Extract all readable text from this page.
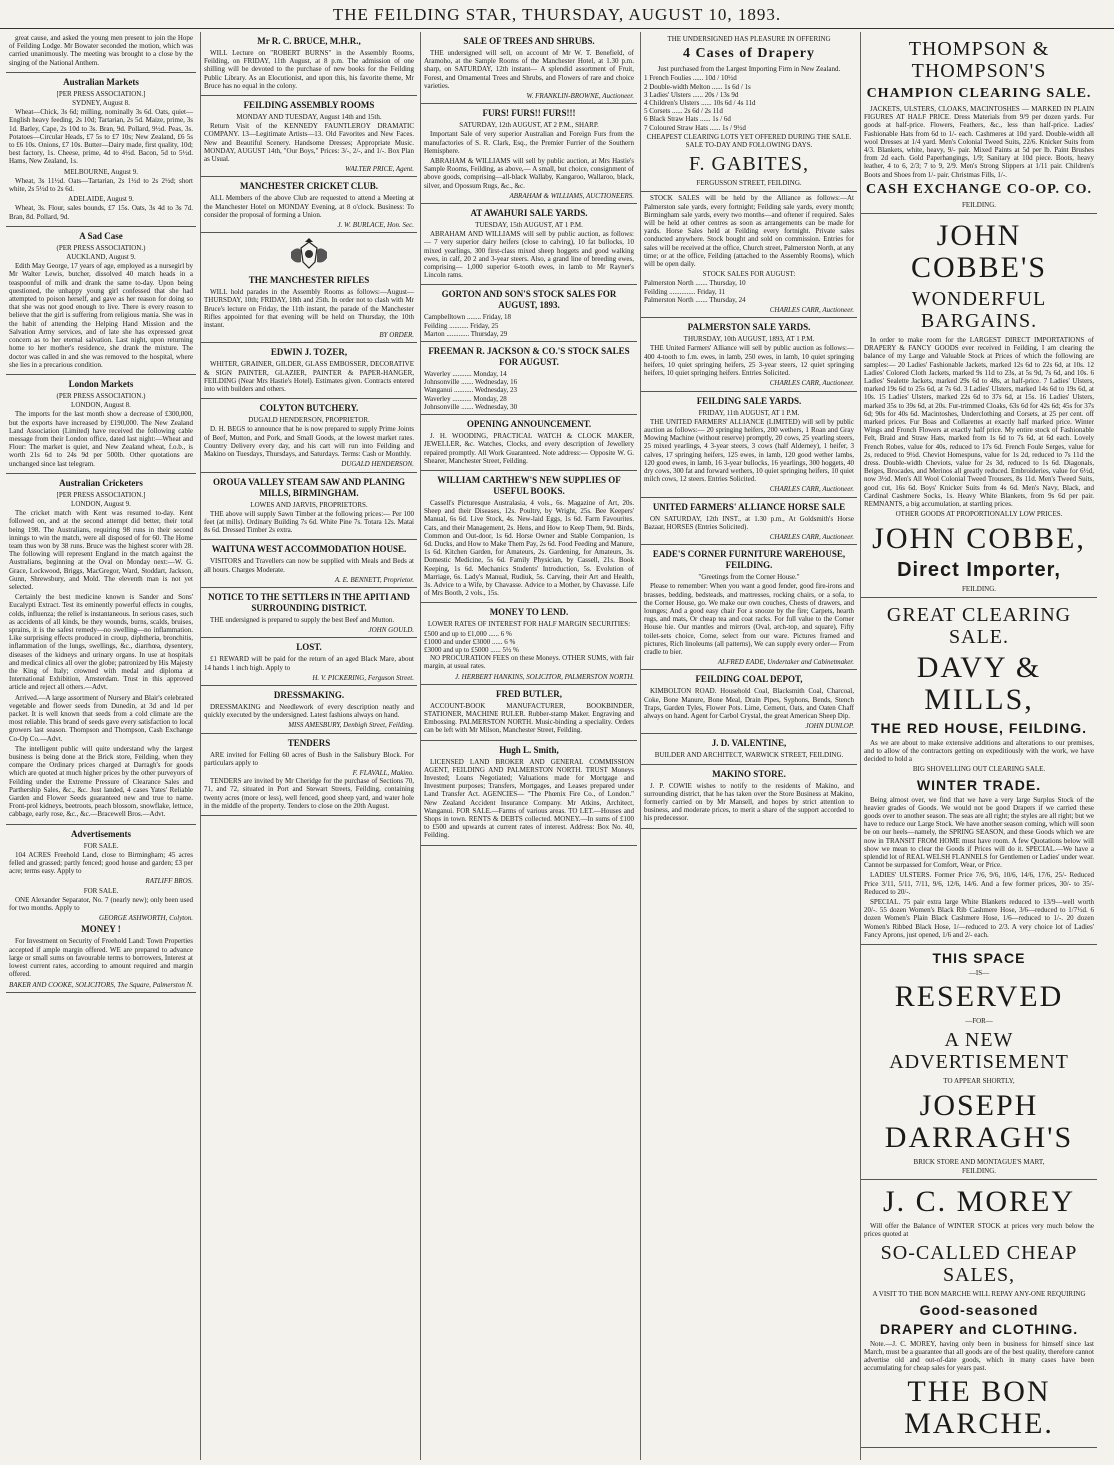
THE FEILDING STAR, THURSDAY, AUGUST 10, 1893.

great cause, and asked the young men present to join the Hope of Feilding Lodge. Mr Bowater seconded the motion, which was carried unanimously. The meeting was brought to a close by the singing of the National Anthem.

Australian Markets
[PER PRESS ASSOCIATION.]
SYDNEY, August 8.

Wheat—Chick, 3s 6d; milling, nominally 3s 6d. Oats, quiet—English heavy feeding, 2s 10d; Tartarian, 2s 5d. Maize, prime, 3s 1d. Barley, Cape, 2s 10d to 3s. Bran, 9d. Pollard, 9½d. Peas, 3s. Potatoes—Circular Heads, £7 5s to £7 10s; New Zealand, £6 5s to £6 10s. Onions, £7 10s. Butter—Dairy made, first quality, 10d; best factory, 1s. Cheese, prime, 4d to 4½d. Bacon, 5d to 5½d. Hams, New Zealand, 1s.

MELBOURNE, August 9.

Wheat, 3s 11½d. Oats—Tartarian, 2s 1½d to 2s 2½d; short white, 2s 5½d to 2s 6d.

ADELAIDE, August 9.

Wheat, 3s. Flour, sales bounds, £7 15s. Oats, 3s 4d to 3s 7d. Bran, 8d. Pollard, 9d.

A Sad Case
(PER PRESS ASSOCIATION.)
AUCKLAND, August 9.

Edith May George, 17 years of age, employed as a nursegirl by Mr Walter Lewis, butcher, dissolved 40 match heads in a teaspoonful of milk and drank the same to-day. Upon being questioned, the unhappy young girl confessed that she had attempted to poison herself, and gave as her reason for doing so that she was not good enough to live. There is every reason to believe that the girl is suffering from religious mania. She was in the habit of attending the Helping Hand Mission and the Salvation Army services, and of late she has expressed great concern as to her eternal salvation. Last night, upon returning home to her mother's residence, she drank the mixture. The doctor was called in and she was removed to the hospital, where she lies in a precarious condition.

London Markets
(PER PRESS ASSOCIATION.)
LONDON, August 8.

The imports for the last month show a decrease of £300,000, but the exports have increased by £190,000. The New Zealand Land Association (Limited) have received the following cable message from their London office, dated last night:—Wheat and Flour: The market is quiet, and New Zealand wheat, f.o.b., is worth 21s 6d to 24s 9d per 500lb. Other quotations are unchanged since last telegram.

Australian Cricketers
[PER PRESS ASSOCIATION.]
LONDON, August 9.

The cricket match with Kent was resumed to-day. Kent followed on, and at the second attempt did better, their total being 198. The Australians, requiring 98 runs in their second innings to win the match, were all disposed of for 60. The Home team thus won by 38 runs. Bruce was the highest scorer with 28. The following will represent England in the match against the Australians, beginning at the Oval on Monday next:—W. G. Grace, Lockwood, Briggs, MacGregor, Ward, Stoddart, Jackson, Gunn, Shrewsbury, and Mold. The eleventh man is not yet selected.

Certainly the best medicine known is Sander and Sons' Eucalypti Extract. Test its eminently powerful effects in coughs, colds, influenza; the relief is instantaneous. In serious cases, such as accidents of all kinds, be they wounds, burns, scalds, bruises, sprains, it is the safest remedy—no swelling—no inflammation. Like surprising effects produced in croup, diphtheria, bronchitis, inflammation of the lungs, swellings, &c., diarrhœa, dysentery, diseases of the kidneys and urinary organs. In use at hospitals and medical clinics all over the globe; patronized by His Majesty the King of Italy; crowned with medal and diploma at International Exhibition, Amsterdam. Trust in this approved article and reject all others.—Advt.

Arrived.—A large assortment of Nursery and Blair's celebrated vegetable and flower seeds from Dunedin, at 3d and 1d per packet. It is well known that seeds from a cold climate are the most reliable. This brand of seeds gave every satisfaction to local growers last season. Thompson and Thompson, Cash Exchange Co-Op Co.—Advt.

The intelligent public will quite understand why the largest business is being done at the Brick store, Feilding, when they compare the Ordinary prices charged at Darragh's for goods which are quoted at much higher prices by the other purveyors of Feilding under the Extreme Pressure of Clearance Sales and Parthership Sales, &c., &c. Just landed, 4 cases Yates' Reliable Garden and Flower Seeds guaranteed new and true to name. Front-prol kidneys, beetroots, peach blossom, snowflake, lettuce, cabbage, early rose, &c., &c.—Bracewell Bros.—Advt.

Advertisements
FOR SALE.

104 ACRES Freehold Land, close to Birmingham; 45 acres felled and grassed; partly fenced; good house and garden; £3 per acre; terms easy. Apply to

RATLIFF BROS.
FOR SALE.

ONE Alexander Separator, No. 7 (nearly new); only been used for two months. Apply to

GEORGE ASHWORTH, Colyton.
MONEY !

For Investment on Security of Freehold Land: Town Properties accepted if ample margin offered. WE are prepared to advance large or small sums on favourable terms to borrowers, Interest at lowest current rates, according to amount required and margin offered.

BAKER AND COOKE, SOLICITORS, The Square, Palmerston N.
Mr R. C. BRUCE, M.H.R.,

WILL Lecture on "ROBERT BURNS" in the Assembly Rooms, Feilding, on FRIDAY, 11th August, at 8 p.m. The admission of one shilling will be devoted to the purchase of new books for the Feilding Public Library. As an Elocutionist, and upon this, his favorite theme, Mr Bruce has no equal in the colony.

FEILDING ASSEMBLY ROOMS
MONDAY AND TUESDAY, August 14th and 15th.

Return Visit of the KENNEDY FAUNTLEROY DRAMATIC COMPANY. 13—Legitimate Artists—13. Old Favorites and New Faces. New and Beautiful Scenery. Handsome Dresses; Appropriate Music. MONDAY, AUGUST 14th, "Our Boys," Prices: 3/-, 2/-, and 1/-. Box Plan as Usual.

WALTER PRICE, Agent.
MANCHESTER CRICKET CLUB.

ALL Members of the above Club are requested to attend a Meeting at the Manchester Hotel on MONDAY Evening, at 8 o'clock. Business: To consider the proposal of forming a Union.

J. W. BURLACE, Hon. Sec.
THE MANCHESTER RIFLES

WILL hold parades in the Assembly Rooms as follows:—August—THURSDAY, 10th; FRIDAY, 18th and 25th. In order not to clash with Mr Bruce's lecture on Friday, the 11th instant, the parade of the Manchester Rifles appointed for that evening will be held on Thursday, the 10th instant.

BY ORDER.
EDWIN J. TOZER,

WHITER, GRAINER, GILDER, GLASS EMBOSSER, DECORATIVE & SIGN PAINTER, GLAZIER, PAINTER & PAPER-HANGER, FEILDING (Near Mrs Hastie's Hotel). Estimates given. Contracts entered into with builders and others.

COLYTON BUTCHERY.
DUGALD HENDERSON, PROPRIETOR.

D. H. BEGS to announce that he is now prepared to supply Prime Joints of Beef, Mutton, and Pork, and Small Goods, at the lowest market rates. Country Delivery every day, and his cart will run into Feilding and Makino on Tuesdays, Thursdays, and Saturdays. Terms: Cash or Monthly.

DUGALD HENDERSON.
OROUA VALLEY STEAM SAW AND PLANING MILLS, BIRMINGHAM.
LOWES AND JARVIS, PROPRIETORS.

THE above will supply Sawn Timber at the following prices:— Per 100 feet (at mills). Ordinary Building 7s 6d. White Pine 7s. Totara 12s. Matai 8s 6d. Dressed Timber 2s extra.

WAITUNA WEST ACCOMMODATION HOUSE.

VISITORS and Travellers can now be supplied with Meals and Beds at all hours. Charges Moderate.

A. E. BENNETT, Proprietor.
NOTICE TO THE SETTLERS IN THE APITI AND SURROUNDING DISTRICT.

THE undersigned is prepared to supply the best Beef and Mutton.

JOHN GOULD.
LOST.

£1 REWARD will be paid for the return of an aged Black Mare, about 14 hands 1 inch high. Apply to

H. V. PICKERING, Ferguson Street.
DRESSMAKING.

DRESSMAKING and Needlework of every description neatly and quickly executed by the undersigned. Latest fashions always on hand.

MISS AMESBURY, Denbigh Street, Feilding.
TENDERS

ARE invited for Felling 60 acres of Bush in the Salisbury Block. For particulars apply to

F. FLAVALL, Makino.

TENDERS are invited by Mr Cheridge for the purchase of Sections 70, 71, and 72, situated in Port and Stewart Streets, Feilding, containing twenty acres (more or less), well fenced, good sheep yard, and water hole in the middle of the property. Tenders to close on the 20th August.

SALE OF TREES AND SHRUBS.

THE undersigned will sell, on account of Mr W. T. Benefield, of Aramoho, at the Sample Rooms of the Manchester Hotel, at 1.30 p.m. sharp, on SATURDAY, 12th instant— A splendid assortment of Fruit, Forest, and Ornamental Trees and Shrubs, and Flowers of rare and choice varieties.

W. FRANKLIN-BROWNE, Auctioneer.
FURS! FURS!! FURS!!!
SATURDAY, 12th AUGUST, AT 2 P.M., SHARP.

Important Sale of very superior Australian and Foreign Furs from the manufactories of S. R. Clark, Esq., the Premier Furrier of the Southern Hemisphere.

ABRAHAM & WILLIAMS will sell by public auction, at Mrs Hastie's Sample Rooms, Feilding, as above,— A small, but choice, consignment of above goods, comprising—all-black Wallaby, Kangaroo, Wallaroo, black, silver, and Opossum Rugs, &c., &c.

ABRAHAM & WILLIAMS, AUCTIONEERS.
AT AWAHURI SALE YARDS.
TUESDAY, 15th AUGUST, AT 1 P.M.

ABRAHAM AND WILLIAMS will sell by public auction, as follows:— 7 very superior dairy heifers (close to calving), 10 fat bullocks, 10 mixed yearlings, 300 first-class mixed sheep hoggets and good walking ewes, in calf, 20 2 and 3-year steers. Also, a grand line of breeding ewes, comprising— 1,000 superior 6-tooth ewes, in lamb to Mr Rayner's Lincoln rams.

GORTON AND SON'S STOCK SALES FOR AUGUST, 1893.
Campbelltown ........ Friday, 18
Feilding ........... Friday, 25
Marton ............. Thursday, 29
FREEMAN R. JACKSON & CO.'S STOCK SALES FOR AUGUST.
Waverley ........... Monday, 14
Johnsonville ....... Wednesday, 16
Wanganui ........... Wednesday, 23
Waverley ........... Monday, 28
Johnsonville ....... Wednesday, 30
OPENING ANNOUNCEMENT.

J. H. WOODING, PRACTICAL WATCH & CLOCK MAKER, JEWELLER, &c. Watches, Clocks, and every description of Jewellery repaired promptly. All Work Guaranteed. Note address:— Opposite W. G. Shearer, Manchester Street, Feilding.

WILLIAM CARTHEW'S NEW SUPPLIES OF USEFUL BOOKS.

Cassell's Picturesque Australasia, 4 vols., 6s. Magazine of Art, 20s. Sheep and their Diseases, 12s. Poultry, by Wright, 25s. Bee Keepers' Manual, 6s 6d. Live Stock, 4s. New-laid Eggs, 1s 6d. Farm Favourites. Cats, and their Management, 2s. Hens, and How to Keep Them, 9d. Birds, Common and Out-door, 1s 6d. Horse Owner and Stable Companion, 1s 6d. Ducks, and How to Make Them Pay, 2s 6d. Food Feeding and Manure, 1s 6d. Kitchen Garden, for Amateurs, 2s. Gardening, for Amateurs, 3s. Domestic Medicine, 5s 6d. Family Physician, by Cassell, 21s. Book Keeping, 1s 6d. Mechanics Students' Introduction, 5s. Evolution of Marriage, 6s. Lady's Manual, Rudiuk, 5s. Carving, their Art and Health, 3s. Advice to a Wife, by Chavasse. Advice to a Mother, by Chavasse. Life of Mrs Booth, 2 vols., 15s.

MONEY TO LEND.
LOWER RATES OF INTEREST FOR HALF MARGIN SECURITIES:
£500 and up to £1,000 ...... 6 %
£1000 and under £3000 ...... 6 %
£3000 and up to £5000 ...... 5½ %

NO PROCURATION FEES on these Moneys. OTHER SUMS, with fair margin, at usual rates.

J. HERBERT HANKINS, SOLICITOR, PALMERSTON NORTH.
FRED BUTLER,

ACCOUNT-BOOK MANUFACTURER, BOOKBINDER, STATIONER, MACHINE RULER. Rubber-stamp Maker. Engraving and Embossing. PALMERSTON NORTH. Music-binding a speciality. Orders can be left with Mr Milson, Manchester Street, Feilding.

Hugh L. Smith,

LICENSED LAND BROKER AND GENERAL COMMISSION AGENT, FEILDING AND PALMERSTON NORTH. TRUST Moneys Invested; Loans Negotiated; Valuations made for Mortgage and Investment purposes; Transfers, Mortgages, and Leases prepared under Land Transfer Act. AGENCIES— "The Phœnix Fire Co., of London." New Zealand Accident Insurance Company. Mr Atkins, Architect, Wanganui. FOR SALE.—Farms of various areas. TO LET.—Houses and Shops in town. RENTS & DEBTS collected. MONEY.—In sums of £100 to £500 and upwards at current rates of interest. Address: Box No. 40, Feilding.

THE UNDERSIGNED HAS PLEASURE IN OFFERING
4 Cases of Drapery
Just purchased from the Largest Importing Firm in New Zealand.
1 French Foulies ...... 10d / 10½d
2 Double-width Melton ...... 1s 6d / 1s
3 Ladies' Ulsters ...... 20s / 13s 9d
4 Children's Ulsters ...... 10s 6d / 4s 11d
5 Corsets ...... 2s 6d / 2s 11d
6 Black Straw Hats ...... 1s / 6d
7 Coloured Straw Hats ...... 1s / 9½d
CHEAPEST CLEARING LOTS YET OFFERED DURING THE SALE. SALE TO-DAY AND FOLLOWING DAYS.
F. GABITES,
FERGUSSON STREET, FEILDING.

STOCK SALES will be held by the Alliance as follows:—At Palmerston sale yards, every fortnight; Feilding sale yards, every month; Birmingham sale yards, every two months—and oftener if required. Sales will be held at other centres as soon as arrangements can be made for yards. Horse Sales held at Feilding every fortnight. Private sales conducted anywhere. Stock bought and sold on commission. Entries for sales will be received at the office, Church street, Palmerston North, at any time; or at the office, Feilding (attached to the Assembly Rooms), which will be open daily.

STOCK SALES FOR AUGUST:
Palmerston North ....... Thursday, 10
Feilding ............... Friday, 11
Palmerston North ....... Thursday, 24
CHARLES CARR, Auctioneer.
PALMERSTON SALE YARDS.
THURSDAY, 10th AUGUST, 1893, AT 1 P.M.

THE United Farmers' Alliance will sell by public auction as follows:— 400 4-tooth to f.m. ewes, in lamb, 250 ewes, in lamb, 10 quiet springing heifers, 10 quiet springing heifers, 25 3-year steers, 12 quiet springing heifers, 10 quiet springing heifers. Entries Solicited.

CHARLES CARR, Auctioneer.
FEILDING SALE YARDS.
FRIDAY, 11th AUGUST, AT 1 P.M.

THE UNITED FARMERS' ALLIANCE (LIMITED) will sell by public auction as follows:— 20 springing heifers, 200 wethers, 1 Roan and Gray Mowing Machine (without reserve) promptly, 20 cows, 25 yearling steers, 25 mixed yearlings, 4 3-year steers, 3 cows (half Alderney), 1 heifer, 3 calves, 17 springing heifers, 125 ewes, in lamb, 120 good wether lambs, 120 good ewes, in lamb, 16 3-year bullocks, 16 yearlings, 300 hoggets, 40 dry cows, 300 fat and forward wethers, 10 quiet springing heifers, 10 quiet milch cows, 12 steers. Entries Solicited.

CHARLES CARR, Auctioneer.
UNITED FARMERS' ALLIANCE HORSE SALE

ON SATURDAY, 12th INST., at 1.30 p.m., At Goldsmith's Horse Bazaar, HORSES (Entries Solicited).

CHARLES CARR, Auctioneer.
EADE'S CORNER FURNITURE WAREHOUSE, FEILDING.
"Greetings from the Corner House."

Please to remember: When you want a good fender, good fire-irons and brasses, bedding, bedsteads, and mattresses, rocking chairs, or a sofa, to the Corner House, go. We make our own couches, Chests of drawers, and lounges; And a good easy chair For a snooze by the fire; Carpets, hearth rugs, and mats, Or cheap tea and coat racks. For full value to the Corner House hie. Our mantles and mirrors (Oval, arch-top, and square), Fifty toilet-sets choice, Come, select from our ware. Pictures framed and pictures, Rich linoleums (all patterns), We can supply every order— From cradle to bier.

ALFRED EADE, Undertaker and Cabinetmaker.
FEILDING COAL DEPOT,

KIMBOLTON ROAD. Household Coal, Blacksmith Coal, Charcoal, Coke, Bone Manure, Bone Meal, Drain Pipes, Syphons, Bends, Stench Traps, Garden Tyles, Flower Pots. Lime, Cement, Oats, and Oaten Chaff always on hand. Agent for Carbol Crystal, the great American Sheep Dip.

JOHN DUNLOP.
J. D. VALENTINE,
BUILDER AND ARCHITECT, WARWICK STREET, FEILDING.
MAKINO STORE.

J. P. COWIE wishes to notify to the residents of Makino, and surrounding district, that he has taken over the Store Business at Makino, formerly carried on by Mr Mansell, and hopes by strict attention to business, and moderate prices, to merit a share of the support accorded to his predecessor.

THOMPSON & THOMPSON'S
CHAMPION CLEARING SALE.

JACKETS, ULSTERS, CLOAKS, MACINTOSHES — MARKED IN PLAIN FIGURES AT HALF PRICE. Dress Materials from 9/9 per dozen yards. Fur goods at half-price. Flowers, Feathers, &c., less than half-price. Ladies' Fashionable Hats from 6d to 1/- each. Cashmeres at 10d yard. Double-width all wool Dresses at 1/4 yard. Men's Colonial Tweed Suits, 22/6. Knicker Suits from 4/3. Blankets, white, heavy, 9/- pair. Mixed Paints at 5d per lb. Paint Brushes from 2d each. Gold Paperhangings, 1/9; Sanitary at 10d piece. Boots, heavy leather, 4 to 6, 2/3; 7 to 9, 2/9. Men's Strong Slippers at 1/11 pair. Children's Boots and Shoes from 1/- pair. Christmas Fills, 1/-.

CASH EXCHANGE CO-OP. CO.
FEILDING.
JOHN COBBE'S
WONDERFUL BARGAINS.

In order to make room for the LARGEST DIRECT IMPORTATIONS of DRAPERY & FANCY GOODS ever received in Feilding, I am clearing the balance of my Large and Valuable Stock at Prices of which the following are samples:— 20 Ladies' Fashionable Jackets, marked 12s 6d to 22s 6d, at 10s. 12 Ladies' Colored Cloth Jackets, marked 9s 11d to 23s, at 5s 9d, 7s 6d, and 10s. 6 Ladies' Sealette Jackets, marked 29s 6d to 48s, at half-price. 7 Ladies' Ulsters, marked 19s 6d to 25s 6d, at 7s 6d. 3 Ladies' Ulsters, marked 14s 6d to 19s 6d, at 10s. 15 Ladies' Ulsters, marked 22s 6d to 37s 6d, at 15s. 16 Ladies' Ulsters, marked 35s to 39s 6d, at 20s. Fur-trimmed Cloaks, 63s 6d for 42s 6d; 45s for 37s 6d; 90s for 40s 6d. Macintoshes, Underclothing and Corsets, at 25 per cent. off marked prices. Fur Boas and Collarettes at exactly half marked price. Winter Wings and Fronch Flowers at exactly half price. My entire stock of Fashionable Felt, Braid and Straw Hats, marked from 1s 6d to 7s 6d, at 6d each. Lovely French Robes, value for 40s, reduced to 17s 6d. French Foule Serges, value for 2s, reduced to 9½d. Cheviot Homespuns, value for 1s 2d, reduced to 7s 11d the dress. Double-width Cheviots, value for 2s 3d, reduced to 1s 6d. Diagonals, Beiges, Brocades, and Merinos all greatly reduced. Embroideries, value for 6½d, now 3½d. Men's All Wool Colonial Tweed Trousers, 8s 11d. Men's Tweed Suits, good cut, 16s 6d. Boys' Knicker Suits from 4s 6d. Men's Navy, Black, and Cardinal Cashmere Socks, 1s. Heavy White Blankets, from 9s 6d per pair. REMNANTS, a big accumulation, at startling prices.

OTHER GOODS AT PROPORTIONALLY LOW PRICES.
JOHN COBBE,
Direct Importer,
FEILDING.
GREAT CLEARING SALE.
DAVY & MILLS,
THE RED HOUSE, FEILDING.

As we are about to make extensive additions and alterations to our premises, and to allow of the contractors getting on expeditiously with the work, we have decided to hold a

BIG SHOVELLING OUT CLEARING SALE.
WINTER TRADE.

Being almost over, we find that we have a very large Surplus Stock of the heavier grades of Goods. We would not be good Drapers if we carried these goods over to another season. The seas are all right; the styles are all right; but we have to reduce our Large Stock. We have another season coming, which will soon be on our heels—namely, the SPRING SEASON, and these Goods which we are now in TRANSIT FROM HOME must have room. A few Quotations below will show we mean to clear the Goods if Prices will do it. SPECIAL.—We have a splendid lot of REAL WELSH FLANNELS for Gentlemen or Ladies' under wear. Cannot be surpassed for Comfort, Wear, or Price.

LADIES' ULSTERS. Former Price 7/6, 9/6, 10/6, 14/6, 17/6, 25/- Reduced Price 3/11, 5/11, 7/11, 9/6, 12/6, 14/6. And a few former prices, 30/- to 35/- Reduced to 20/-.

SPECIAL. 75 pair extra large White Blankets reduced to 13/9—well worth 20/-. 55 dozen Women's Black Rib Cashmere Hose, 3/6—reduced to 1/7½d. 6 dozen Women's Plain Black Cashmere Hose, 1/6—reduced to 1/-. 20 dozen Women's Ribbed Black Hose, 1/—reduced to 2/3. A very choice lot of Ladies' Fancy Aprons, just opened, 1/6 and 2/- each.

THIS SPACE
—IS—
RESERVED
—FOR—
A NEW ADVERTISEMENT
TO APPEAR SHORTLY,
JOSEPH DARRAGH'S
BRICK STORE AND MONTAGUE'S MART,
FEILDING.
J. C. MOREY

Will offer the Balance of WINTER STOCK at prices very much below the prices quoted at

SO-CALLED CHEAP SALES,
A VISIT TO THE BON MARCHE WILL REPAY ANY-ONE REQUIRING
Good-seasoned
DRAPERY and CLOTHING.

Note.—J. C. MOREY, having only been in business for himself since last March, must be a guarantee that all goods are of the best quality, therefore cannot advertise old and out-of-date goods, which in many cases have been accumulating for cheap sales for years past.

THE BON MARCHE.
